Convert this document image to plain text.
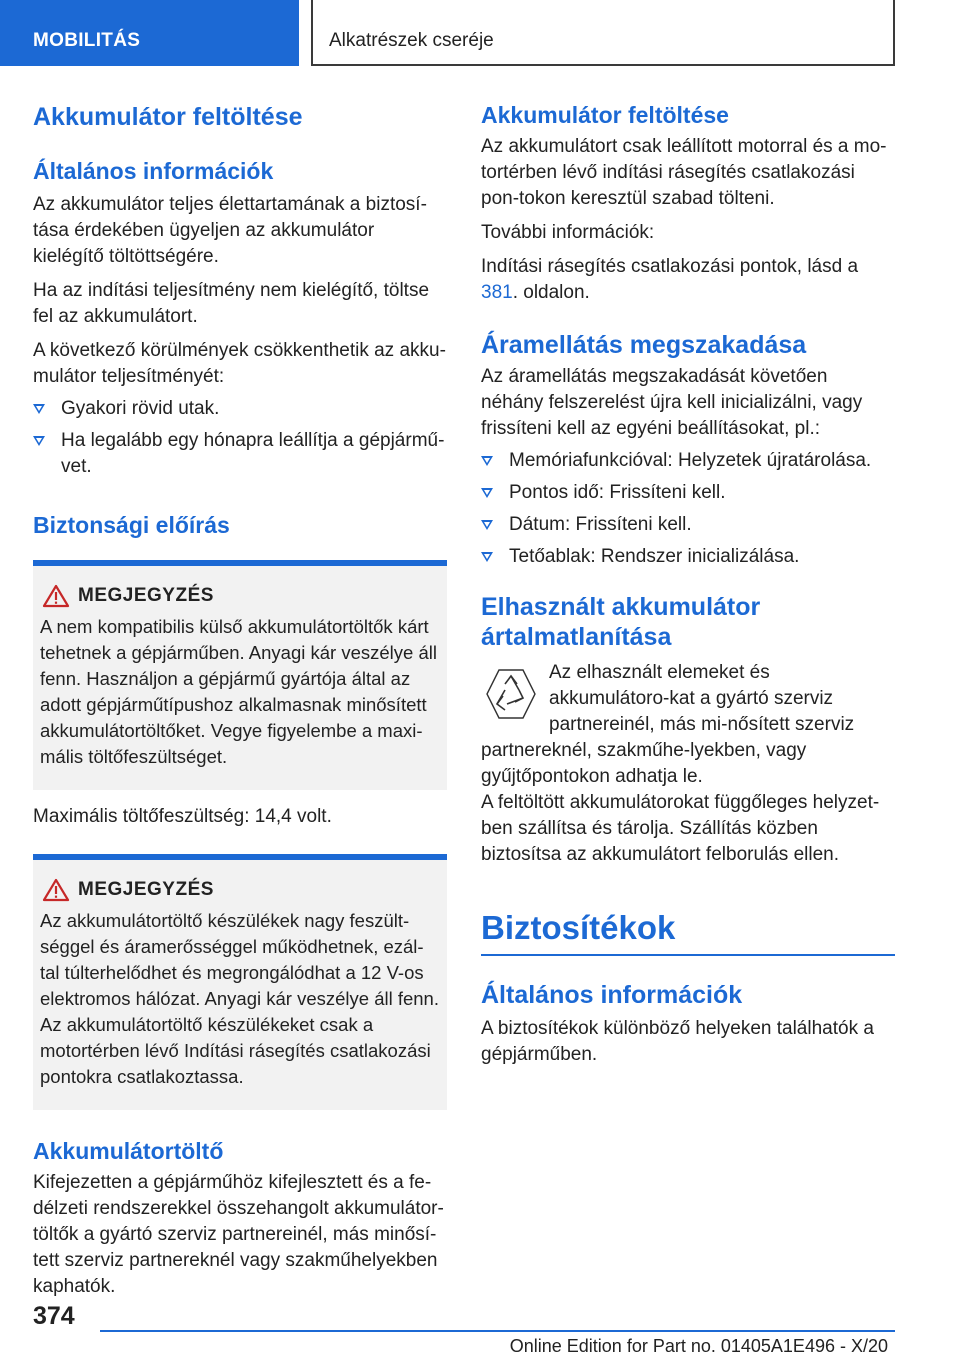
MOBILITÁS	Alkatrészek cseréje
Akkumulátor feltöltése
Általános információk
Az akkumulátor teljes élettartamának a biztosí-tása érdekében ügyeljen az akkumulátor kielégítő töltöttségére.
Ha az indítási teljesítmény nem kielégítő, töltse fel az akkumulátort.
A következő körülmények csökkenthetik az akku-mulátor teljesítményét:
Gyakori rövid utak.
Ha legalább egy hónapra leállítja a gépjármű-vet.
Biztonsági előírás
MEGJEGYZÉS
A nem kompatibilis külső akkumulátortöltők kárt tehetnek a gépjárműben. Anyagi kár veszélye áll fenn. Használjon a gépjármű gyártója által az adott gépjárműtípushoz alkalmasnak minősített akkumulátortöltőket. Vegye figyelembe a maxi-mális töltőfeszültséget.
Maximális töltőfeszültség: 14,4 volt.
MEGJEGYZÉS
Az akkumulátortöltő készülékek nagy feszült-séggel és áramerősséggel működhetnek, ezál-tal túlterhelődhet és megrongálódhat a 12 V-os elektromos hálózat. Anyagi kár veszélye áll fenn. Az akkumulátortöltő készülékeket csak a motortérben lévő Indítási rásegítés csatlakozási pontokra csatlakoztassa.
Akkumulátortöltő
Kifejezetten a gépjárműhöz kifejlesztett és a fe-délzeti rendszerekkel összehangolt akkumulátor-töltők a gyártó szerviz partnereinél, más minősí-tett szerviz partnereknél vagy szakműhelyekben kaphatók.
Akkumulátor feltöltése
Az akkumulátort csak leállított motorral és a mo-tortérben lévő indítási rásegítés csatlakozási pon-tokon keresztül szabad tölteni.
További információk:
Indítási rásegítés csatlakozási pontok, lásd a 381. oldalon.
Áramellátás megszakadása
Az áramellátás megszakadását követően néhány felszerelést újra kell inicializálni, vagy frissíteni kell az egyéni beállításokat, pl.:
Memóriafunkcióval: Helyzetek újratárolása.
Pontos idő: Frissíteni kell.
Dátum: Frissíteni kell.
Tetőablak: Rendszer inicializálása.
Elhasznált akkumulátor ártalmatlanítása
Az elhasznált elemeket és akkumulátoro-kat a gyártó szerviz partnereinél, más mi-nősített szerviz partnereknél, szakműhe-lyekben, vagy gyűjtőpontokon adhatja le.
A feltöltött akkumulátorokat függőleges helyzet-ben szállítsa és tárolja. Szállítás közben biztosítsa az akkumulátort felborulás ellen.
Biztosítékok
Általános információk
A biztosítékok különböző helyeken találhatók a gépjárműben.
374
Online Edition for Part no. 01405A1E496 - X/20
